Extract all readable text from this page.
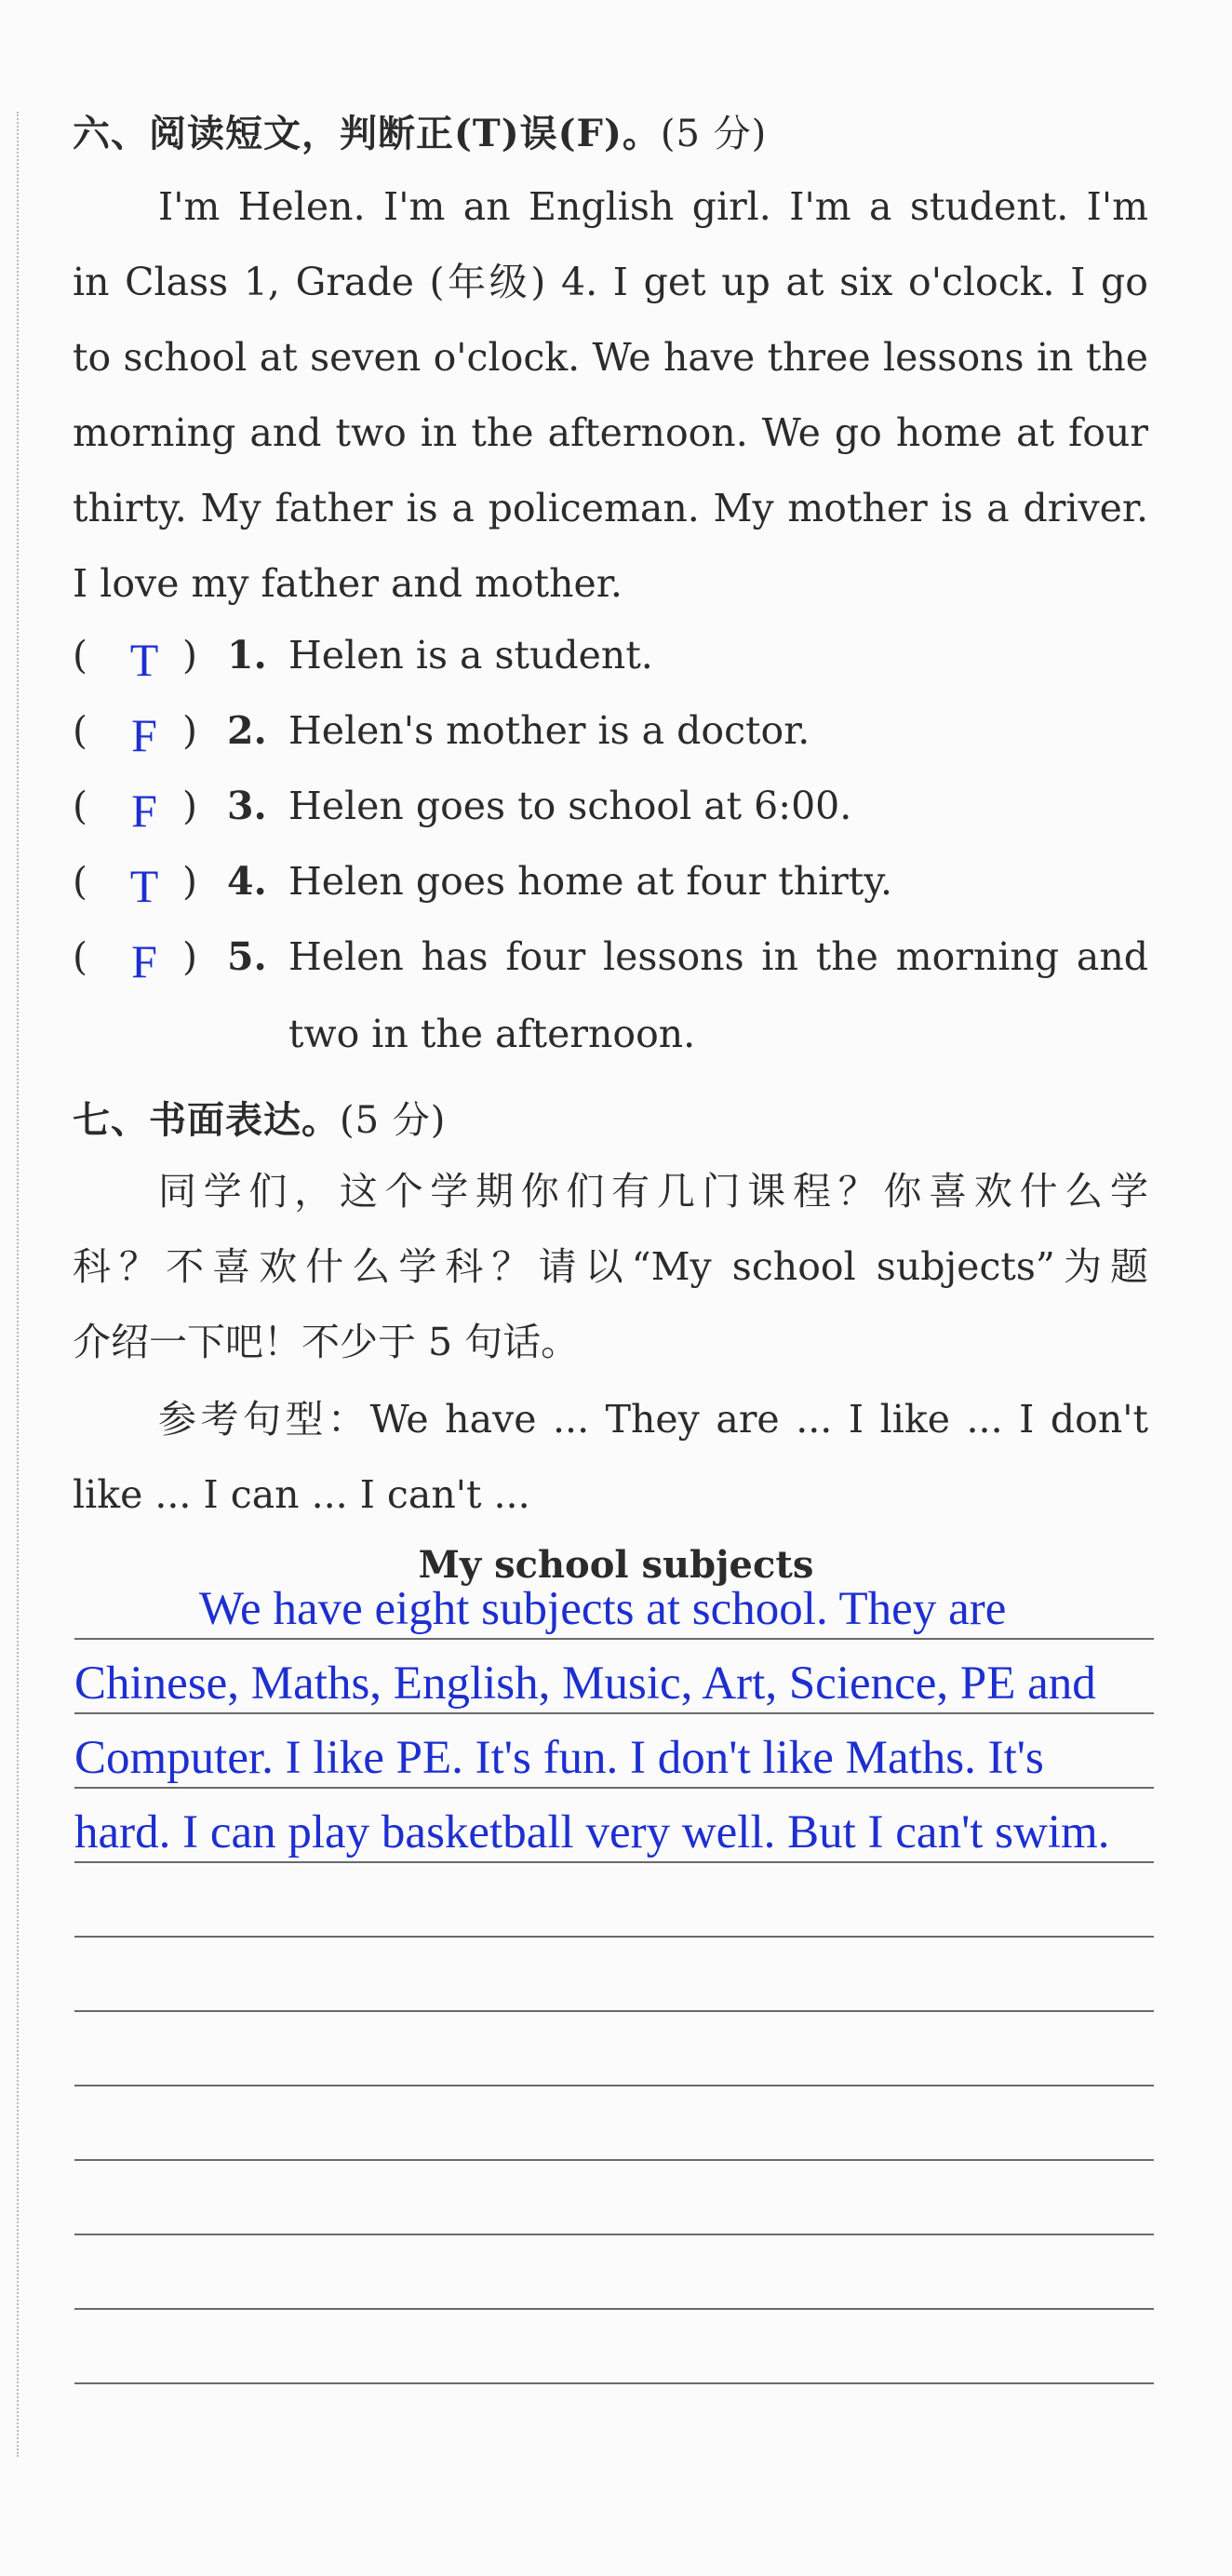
六、阅读短文，判断正(T)误(F)。(5 分)
I'm Helen. I'm an English girl. I'm a student. I'm
in Class 1, Grade (年级) 4. I get up at six o'clock. I go
to school at seven o'clock. We have three lessons in the
morning and two in the afternoon. We go home at four
thirty. My father is a policeman. My mother is a driver.
I love my father and mother.
( T ) 1. Helen is a student.
( F ) 2. Helen's mother is a doctor.
( F ) 3. Helen goes to school at 6:00.
( T ) 4. Helen goes home at four thirty.
( F ) 5. Helen has four lessons in the morning and
two in the afternoon.
七、书面表达。(5 分)
同学们，这个学期你们有几门课程？你喜欢什么学
科？不喜欢什么学科？请以“My school subjects”为题
介绍一下吧！不少于 5 句话。
参考句型：We have ... They are ... I like ... I don't
like ... I can ... I can't ...
My school subjects
We have eight subjects at school. They are
Chinese, Maths, English, Music, Art, Science, PE and
Computer. I like PE. It's fun. I don't like Maths. It's
hard. I can play basketball very well. But I can't swim.
